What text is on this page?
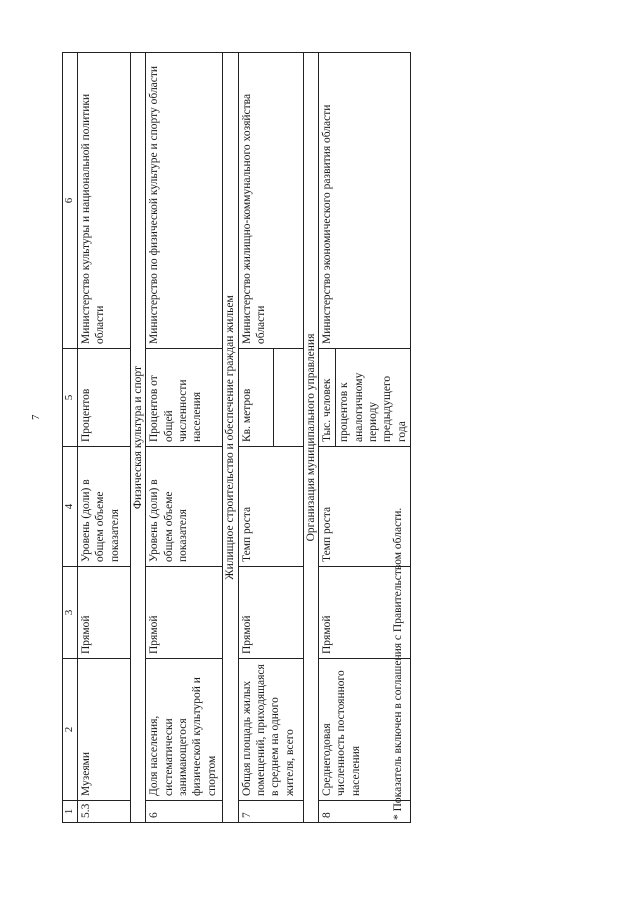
7
1	2	3	4	5	6
5.3	Музеями	Прямой	Уровень (доли) в общем объеме показателя	Процентов	Министерство культуры и национальной политики области
Физическая культура и спорт					
6	Доля населения, систематически занимающегося физической культурой и спортом	Прямой	Уровень (доли) в общем объеме показателя	Процентов от общей численности населения	Министерство по физической культуре и спорту области
Жилищное строительство и обеспечение граждан жильем					
7	Общая площадь жилых помещений, приходящаяся в среднем на одного жителя, всего	Прямой	Темп роста	Кв. метров	Министерство жилищно-коммунального хозяйства области
Организация муниципального управления					
8	Среднегодовая численность постоянного населения	Прямой	Темп роста	Тыс. человек процентов к аналогичному периоду предыдущего года	Министерство экономического развития области
* Показатель включен в соглашения с Правительством области.
